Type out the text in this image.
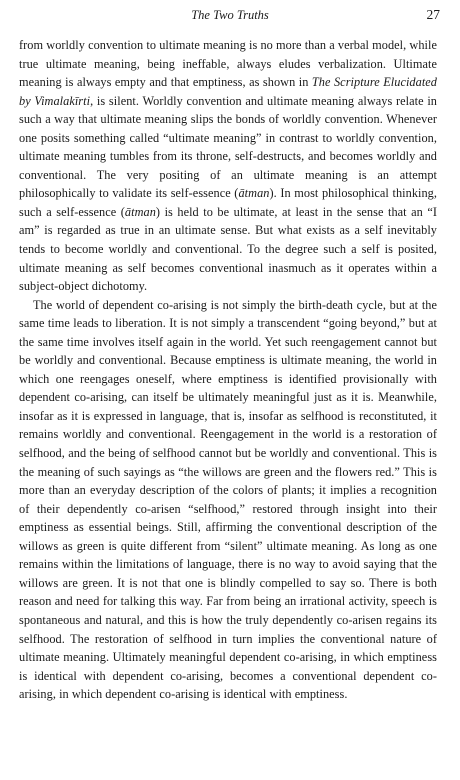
The Two Truths	27

from worldly convention to ultimate meaning is no more than a verbal model, while true ultimate meaning, being ineffable, always eludes verbalization. Ultimate meaning is always empty and that emptiness, as shown in The Scripture Elucidated by Vimalakīrti, is silent. Worldly convention and ultimate meaning always relate in such a way that ultimate meaning slips the bonds of worldly convention. Whenever one posits something called “ultimate meaning” in contrast to worldly convention, ultimate meaning tumbles from its throne, self-destructs, and becomes worldly and conventional. The very positing of an ultimate meaning is an attempt philosophically to validate its self-essence (ātman). In most philosophical thinking, such a self-essence (ātman) is held to be ultimate, at least in the sense that an “I am” is regarded as true in an ultimate sense. But what exists as a self inevitably tends to become worldly and conventional. To the degree such a self is posited, ultimate meaning as self becomes conventional inasmuch as it operates within a subject-object dichotomy.

The world of dependent co-arising is not simply the birth-death cycle, but at the same time leads to liberation. It is not simply a transcendent “going beyond,” but at the same time involves itself again in the world. Yet such reengagement cannot but be worldly and conventional. Because emptiness is ultimate meaning, the world in which one reengages oneself, where emptiness is identified provisionally with dependent co-arising, can itself be ultimately meaningful just as it is. Meanwhile, insofar as it is expressed in language, that is, insofar as selfhood is reconstituted, it remains worldly and conventional. Reengagement in the world is a restoration of selfhood, and the being of selfhood cannot but be worldly and conventional. This is the meaning of such sayings as “the willows are green and the flowers red.” This is more than an everyday description of the colors of plants; it implies a recognition of their dependently co-arisen “selfhood,” restored through insight into their emptiness as essential beings. Still, affirming the conventional description of the willows as green is quite different from “silent” ultimate meaning. As long as one remains within the limitations of language, there is no way to avoid saying that the willows are green. It is not that one is blindly compelled to say so. There is both reason and need for talking this way. Far from being an irrational activity, speech is spontaneous and natural, and this is how the truly dependently co-arisen regains its selfhood. The restoration of selfhood in turn implies the conventional nature of ultimate meaning. Ultimately meaningful dependent co-arising, in which emptiness is identical with dependent co-arising, becomes a conventional dependent co-arising, in which dependent co-arising is identical with emptiness.
